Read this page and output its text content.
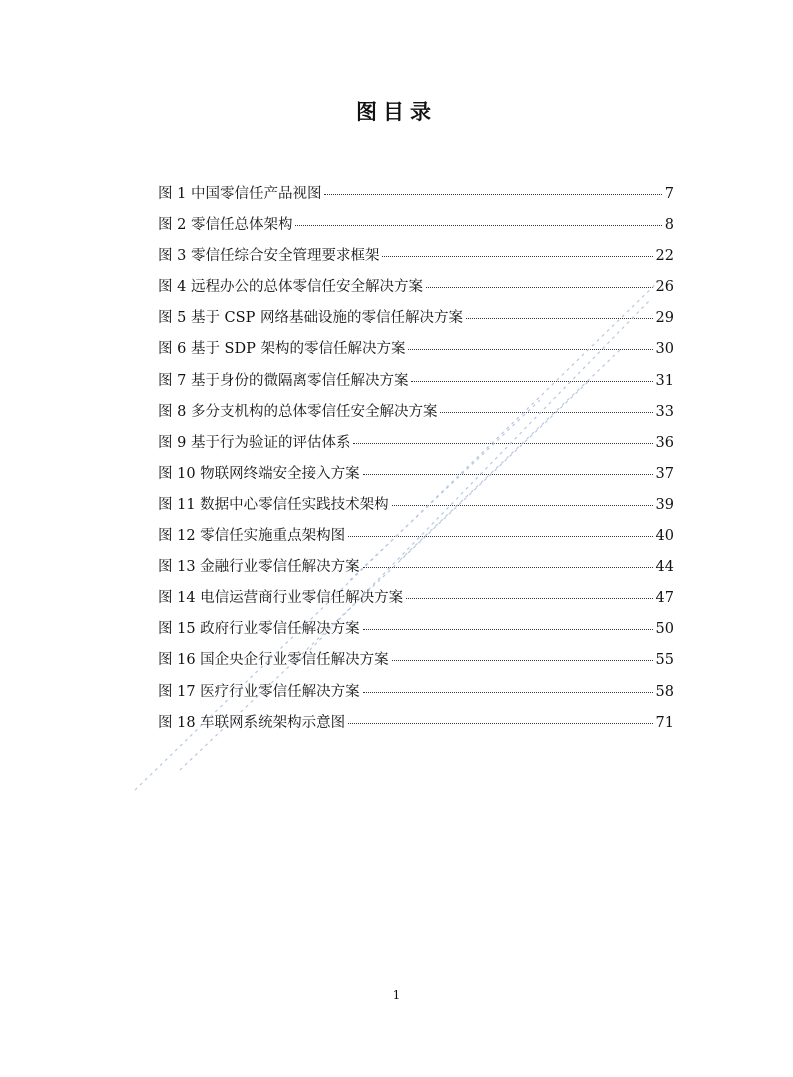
图目录
图 1 中国零信任产品视图	7
图 2 零信任总体架构	8
图 3 零信任综合安全管理要求框架	22
图 4 远程办公的总体零信任安全解决方案	26
图 5 基于 CSP 网络基础设施的零信任解决方案	29
图 6 基于 SDP 架构的零信任解决方案	30
图 7 基于身份的微隔离零信任解决方案	31
图 8 多分支机构的总体零信任安全解决方案	33
图 9 基于行为验证的评估体系	36
图 10 物联网终端安全接入方案	37
图 11 数据中心零信任实践技术架构	39
图 12 零信任实施重点架构图	40
图 13 金融行业零信任解决方案	44
图 14 电信运营商行业零信任解决方案	47
图 15 政府行业零信任解决方案	50
图 16 国企央企行业零信任解决方案	55
图 17 医疗行业零信任解决方案	58
图 18 车联网系统架构示意图	71
1
